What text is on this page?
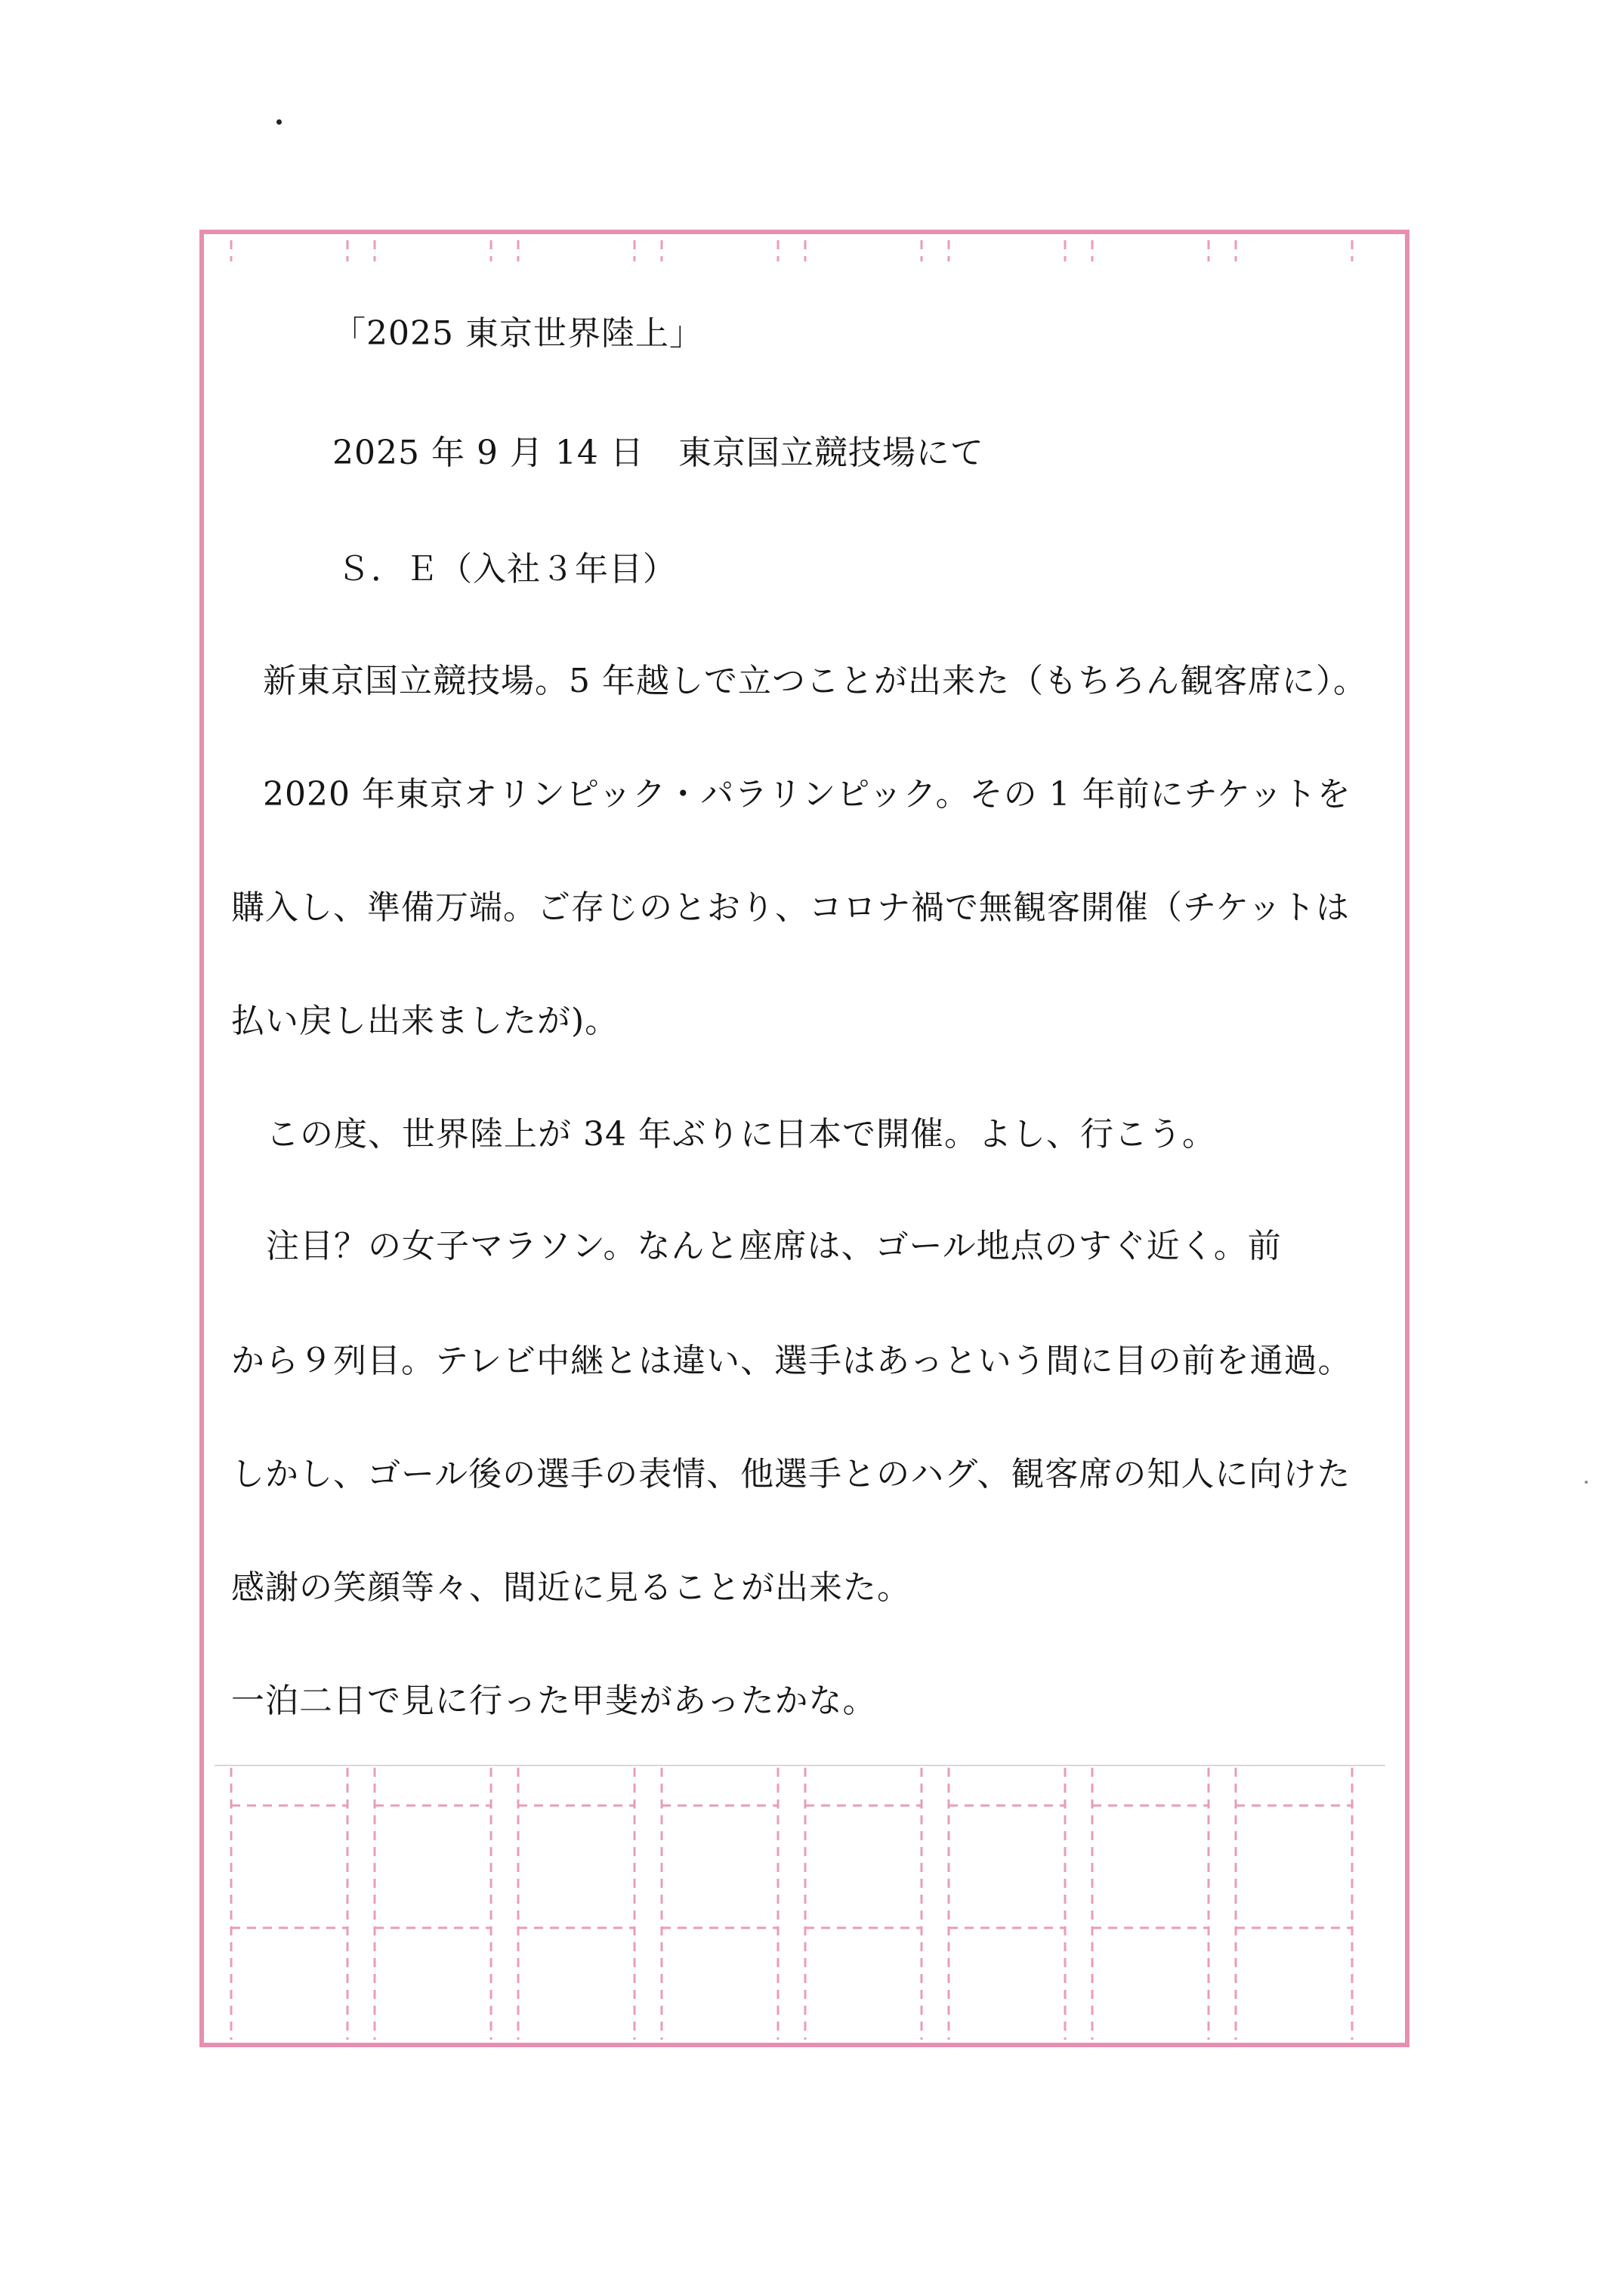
「2025 東京世界陸上」
2025 年 9 月 14 日　東京国立競技場にて
Ｓ．Ｅ（入社３年目）
新東京国立競技場。5 年越しで立つことが出来た（もちろん観客席に）。
2020 年東京オリンピック・パラリンピック。その 1 年前にチケットを
購入し、準備万端。ご存じのとおり、コロナ禍で無観客開催（チケットは
払い戻し出来ましたが)。
この度、世界陸上が 34 年ぶりに日本で開催。よし、行こう。
注目？の女子マラソン。なんと座席は、ゴール地点のすぐ近く。前
から９列目。テレビ中継とは違い、選手はあっという間に目の前を通過。
しかし、ゴール後の選手の表情、他選手とのハグ、観客席の知人に向けた
感謝の笑顔等々、間近に見ることが出来た。
一泊二日で見に行った甲斐があったかな。
